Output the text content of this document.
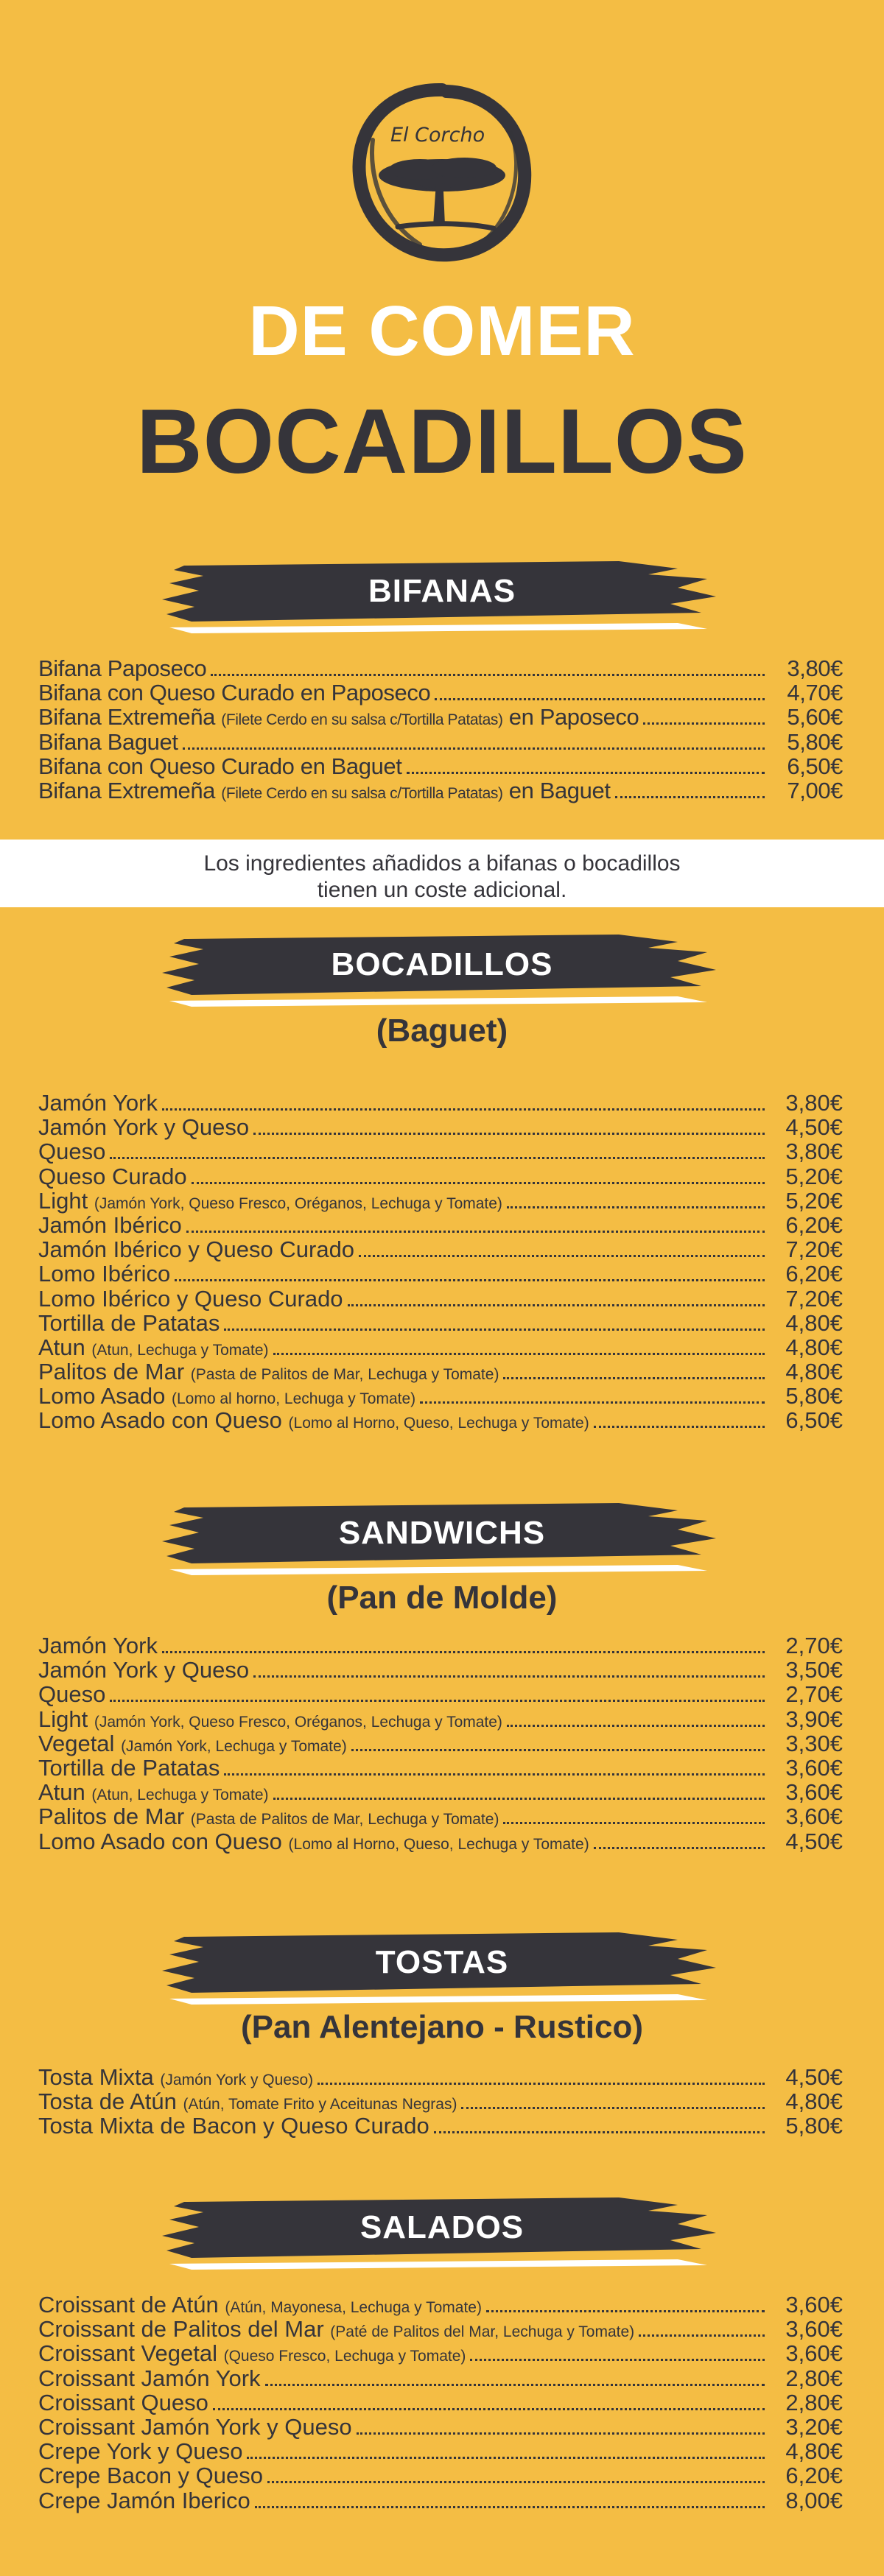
El Corcho
DE COMER
BOCADILLOS
BIFANAS
Bifana Paposeco	3,80€
Bifana con Queso Curado en Paposeco	4,70€
Bifana Extremeña
(Filete Cerdo en su salsa c/Tortilla Patatas)
en Paposeco	5,60€
Bifana Baguet	5,80€
Bifana con Queso Curado en Baguet	6,50€
Bifana Extremeña
(Filete Cerdo en su salsa c/Tortilla Patatas)
en Baguet	7,00€
Los ingredientes añadidos a bifanas o bocadillos
tienen un coste adicional.
BOCADILLOS
(Baguet)
Jamón York	3,80€
Jamón York y Queso	4,50€
Queso	3,80€
Queso Curado	5,20€
Light
(Jamón York, Queso Fresco, Oréganos, Lechuga y Tomate)	5,20€
Jamón Ibérico	6,20€
Jamón Ibérico y Queso Curado	7,20€
Lomo Ibérico	6,20€
Lomo Ibérico y Queso Curado	7,20€
Tortilla de Patatas	4,80€
Atun
(Atun, Lechuga y Tomate)	4,80€
Palitos de Mar
(Pasta de Palitos de Mar, Lechuga y Tomate)	4,80€
Lomo Asado
(Lomo al horno, Lechuga y Tomate)	5,80€
Lomo Asado con Queso
(Lomo al Horno, Queso, Lechuga y Tomate)	6,50€
SANDWICHS
(Pan de Molde)
Jamón York	2,70€
Jamón York y Queso	3,50€
Queso	2,70€
Light
(Jamón York, Queso Fresco, Oréganos, Lechuga y Tomate)	3,90€
Vegetal
(Jamón York, Lechuga y Tomate)	3,30€
Tortilla de Patatas	3,60€
Atun
(Atun, Lechuga y Tomate)	3,60€
Palitos de Mar
(Pasta de Palitos de Mar, Lechuga y Tomate)	3,60€
Lomo Asado con Queso
(Lomo al Horno, Queso, Lechuga y Tomate)	4,50€
TOSTAS
(Pan Alentejano - Rustico)
Tosta Mixta
(Jamón York y Queso)	4,50€
Tosta de Atún
(Atún, Tomate Frito y Aceitunas Negras)	4,80€
Tosta Mixta de Bacon y Queso Curado	5,80€
SALADOS
Croissant de Atún
(Atún, Mayonesa, Lechuga y Tomate)	3,60€
Croissant de Palitos del Mar
(Paté de Palitos del Mar, Lechuga y Tomate)	3,60€
Croissant Vegetal
(Queso Fresco, Lechuga y Tomate)	3,60€
Croissant Jamón York	2,80€
Croissant Queso	2,80€
Croissant Jamón York y Queso	3,20€
Crepe York y Queso	4,80€
Crepe Bacon y Queso	6,20€
Crepe Jamón Iberico	8,00€
